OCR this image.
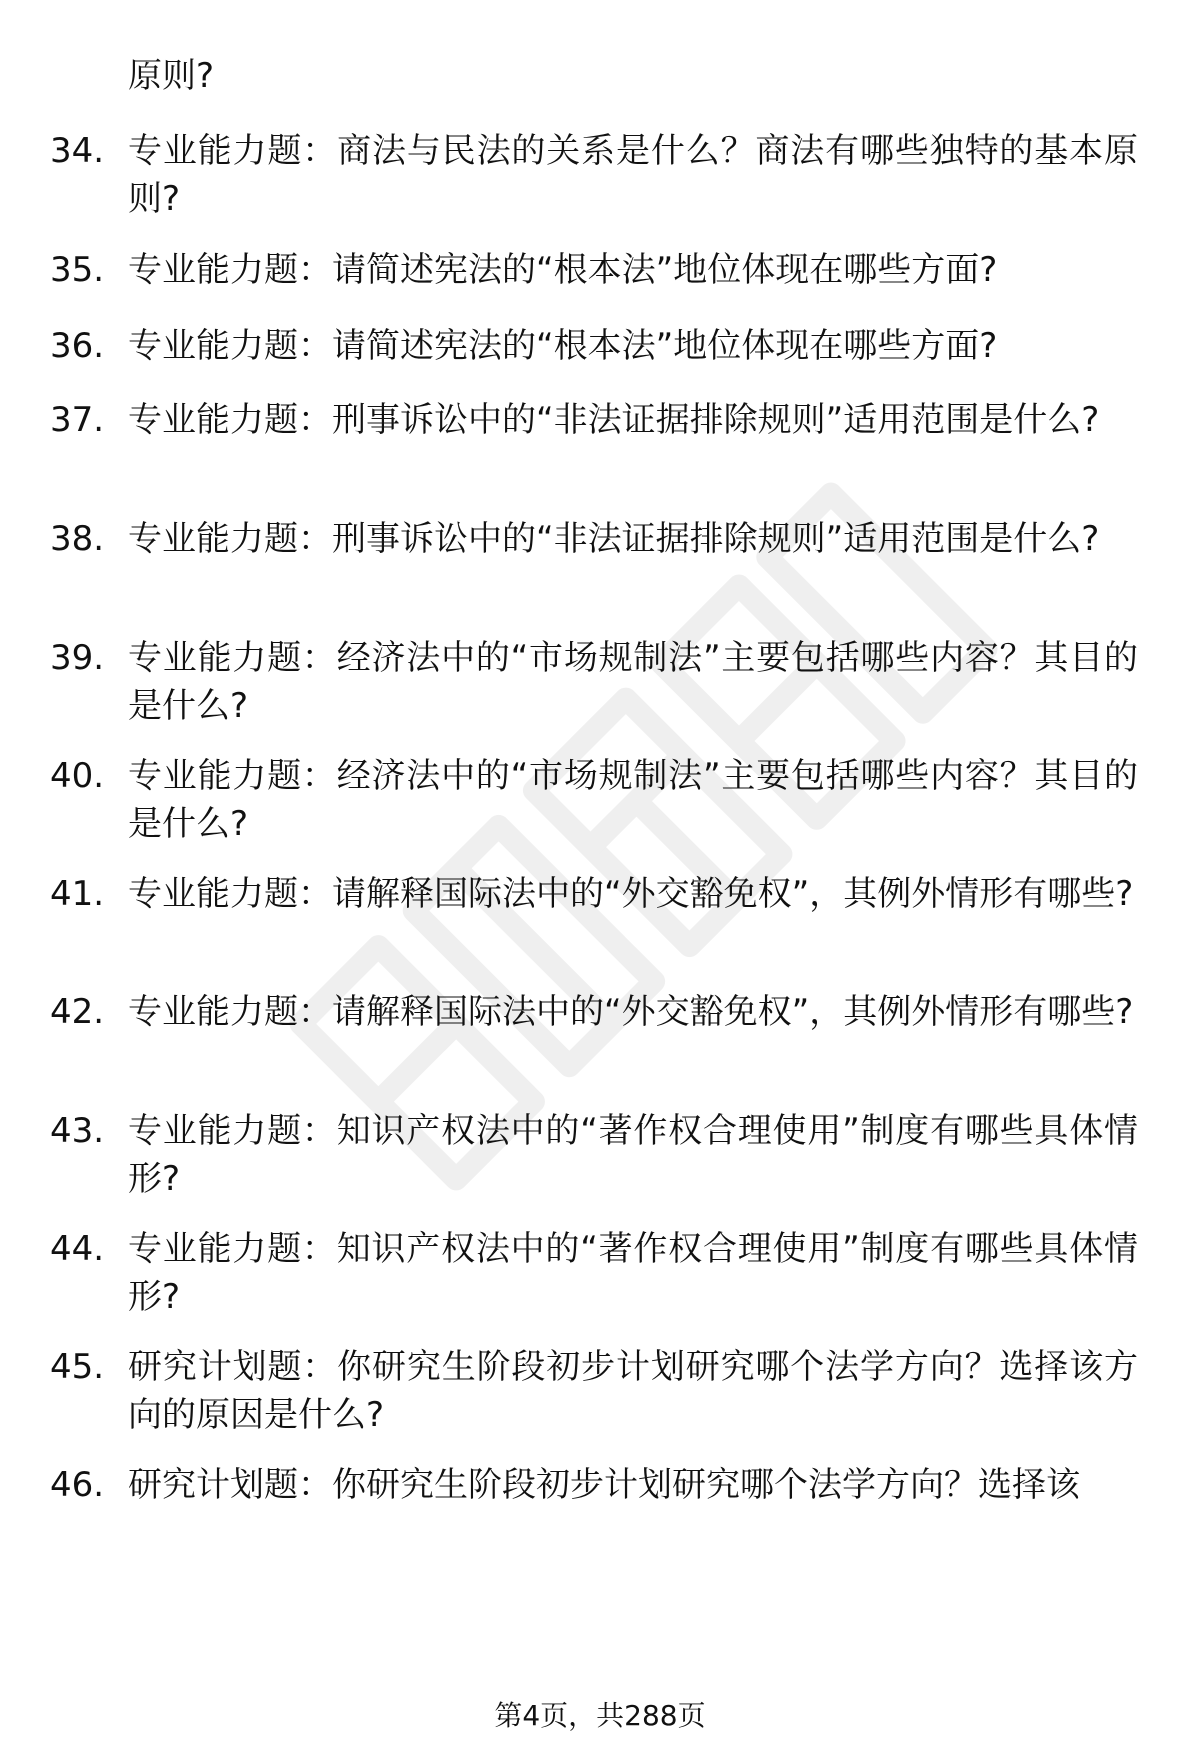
原则?
34. 专业能力题：商法与民法的关系是什么？商法有哪些独特的基本原则?
35. 专业能力题：请简述宪法的“根本法”地位体现在哪些方面?
36. 专业能力题：请简述宪法的“根本法”地位体现在哪些方面?
37. 专业能力题：刑事诉讼中的“非法证据排除规则”适用范围是什么?
38. 专业能力题：刑事诉讼中的“非法证据排除规则”适用范围是什么?
39. 专业能力题：经济法中的“市场规制法”主要包括哪些内容？其目的是什么?
40. 专业能力题：经济法中的“市场规制法”主要包括哪些内容？其目的是什么?
41. 专业能力题：请解释国际法中的“外交豁免权”，其例外情形有哪些?
42. 专业能力题：请解释国际法中的“外交豁免权”，其例外情形有哪些?
43. 专业能力题：知识产权法中的“著作权合理使用”制度有哪些具体情形?
44. 专业能力题：知识产权法中的“著作权合理使用”制度有哪些具体情形?
45. 研究计划题：你研究生阶段初步计划研究哪个法学方向？选择该方向的原因是什么?
46. 研究计划题：你研究生阶段初步计划研究哪个法学方向？选择该
第4页，共288页
